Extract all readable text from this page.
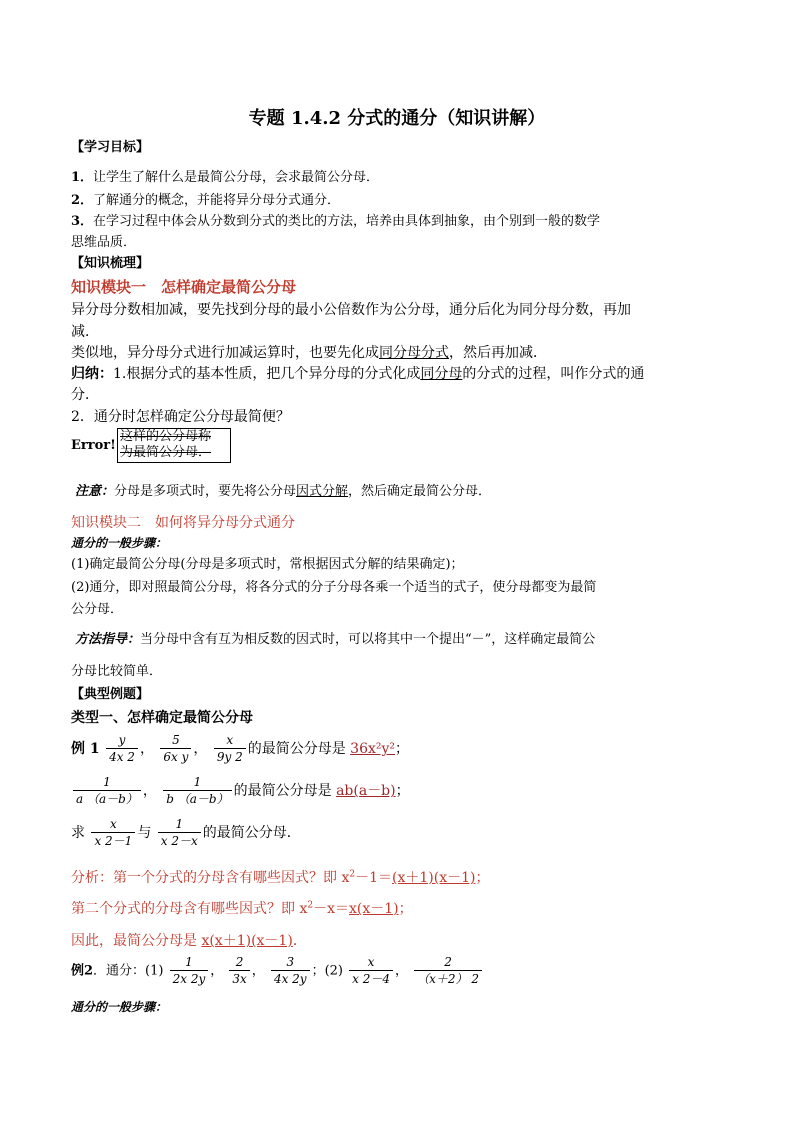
专题 1.4.2 分式的通分（知识讲解）
【学习目标】
1．让学生了解什么是最简公分母，会求最简公分母．
2．了解通分的概念，并能将异分母分式通分．
3．在学习过程中体会从分数到分式的类比的方法，培养由具体到抽象，由个别到一般的数学
思维品质．
【知识梳理】
知识模块一　怎样确定最简公分母
异分母分数相加减，要先找到分母的最小公倍数作为公分母，通分后化为同分母分数，再加
减．
类似地，异分母分式进行加减运算时，也要先化成同分母分式，然后再加减．
归纳：1.根据分式的基本性质，把几个异分母的分式化成同分母的分式的过程，叫作分式的通
分．
2．通分时怎样确定公分母最简便？
Error!
这样的公分母称
为最简公分母．
注意：分母是多项式时，要先将公分母因式分解，然后确定最简公分母．
知识模块二　如何将异分母分式通分
通分的一般步骤：
(1)确定最简公分母(分母是多项式时，常根据因式分解的结果确定)；
(2)通分，即对照最简公分母，将各分式的分子分母各乘一个适当的式子，使分母都变为最简
公分母．
方法指导：当分母中含有互为相反数的因式时，可以将其中一个提出“－”，这样确定最简公
分母比较简单．
【典型例题】
类型一、怎样确定最简公分母
例 $1 \frac{y}{4x 2}$ ， $\frac{5}{\text{6x y}}$ ， $\frac{x}{9y 2}$ 的最简公分母是 36x²y²；
$\frac{1}{a (a-b)}$ ， $\frac{1}{b (a-b)}$ 的最简公分母是 ab(a－b)；
求 $\frac{x}{x 2-1}$ 与 $\frac{1}{x 2-x}$ 的最简公分母．
分析：第一个分式的分母含有哪些因式？即 $x^2-1=(x+1)(x-1)$；
第二个分式的分母含有哪些因式？即 $x^2-x=x(x-1)$；
因此，最简公分母是 x(x＋1)(x－1)．
例2．通分：$(1) \frac{1}{2x 2y}$ ， $\frac{2}{3x}$ ， $\frac{3}{4x 2y}$ ；$(2) \frac{x}{x 2-4}$ ， $\frac{2}{(x+2) 2}$
通分的一般步骤：
